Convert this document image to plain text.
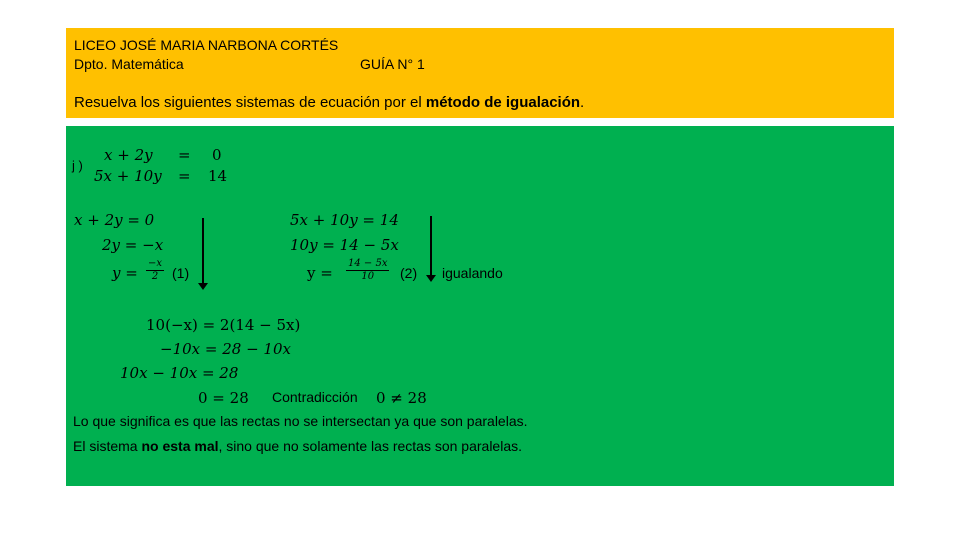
LICEO JOSÉ MARIA NARBONA CORTÉS
Dpto. Matemática	GUÍA N° 1
Resuelva los siguientes sistemas de ecuación por el método de igualación.
j )
x + 2y = 0
5x + 10y = 14
x + 2y = 0
2y = −x
$y = \frac{-x}{2} (1)$
5x + 10y = 14
10y = 14 − 5x
$y = \frac{14 - 5x}{10} (2)$ igualando
10(−x) = 2(14 − 5x)
−10x = 28 − 10x
10x − 10x = 28
0 = 28 Contradicción 0 ≠ 28
Lo que significa es que las rectas no se intersectan ya que son paralelas.
El sistema no esta mal, sino que no solamente las rectas son paralelas.
